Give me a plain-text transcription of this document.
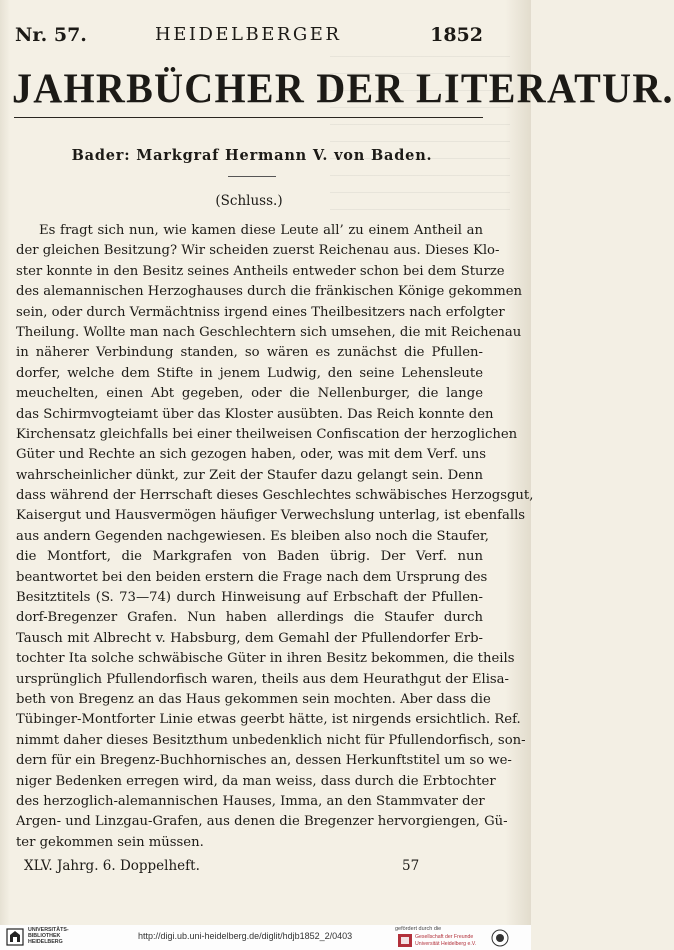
Nr. 57.	HEIDELBERGER	1852
JAHRBÜCHER DER LITERATUR.
Bader: Markgraf Hermann V. von Baden.
(Schluss.)
Es fragt sich nun, wie kamen diese Leute all’ zu einem Antheil an
der gleichen Besitzung? Wir scheiden zuerst Reichenau aus. Dieses Klo-
ster konnte in den Besitz seines Antheils entweder schon bei dem Sturze
des alemannischen Herzoghauses durch die fränkischen Könige gekommen
sein, oder durch Vermächtniss irgend eines Theilbesitzers nach erfolgter
Theilung. Wollte man nach Geschlechtern sich umsehen, die mit Reichenau
in näherer Verbindung standen, so wären es zunächst die Pfullen-
dorfer, welche dem Stifte in jenem Ludwig, den seine Lehensleute
meuchelten, einen Abt gegeben, oder die Nellenburger, die lange
das Schirmvogteiamt über das Kloster ausübten. Das Reich konnte den
Kirchensatz gleichfalls bei einer theilweisen Confiscation der herzoglichen
Güter und Rechte an sich gezogen haben, oder, was mit dem Verf. uns
wahrscheinlicher dünkt, zur Zeit der Staufer dazu gelangt sein. Denn
dass während der Herrschaft dieses Geschlechtes schwäbisches Herzogsgut,
Kaisergut und Hausvermögen häufiger Verwechslung unterlag, ist ebenfalls
aus andern Gegenden nachgewiesen. Es bleiben also noch die Staufer,
die Montfort, die Markgrafen von Baden übrig. Der Verf. nun
beantwortet bei den beiden erstern die Frage nach dem Ursprung des
Besitztitels (S. 73—74) durch Hinweisung auf Erbschaft der Pfullen-
dorf-Bregenzer Grafen. Nun haben allerdings die Staufer durch
Tausch mit Albrecht v. Habsburg, dem Gemahl der Pfullendorfer Erb-
tochter Ita solche schwäbische Güter in ihren Besitz bekommen, die theils
ursprünglich Pfullendorfisch waren, theils aus dem Heurathgut der Elisa-
beth von Bregenz an das Haus gekommen sein mochten. Aber dass die
Tübinger-Montforter Linie etwas geerbt hätte, ist nirgends ersichtlich. Ref.
nimmt daher dieses Besitzthum unbedenklich nicht für Pfullendorfisch, son-
dern für ein Bregenz-Buchhornisches an, dessen Herkunftstitel um so we-
niger Bedenken erregen wird, da man weiss, dass durch die Erbtochter
des herzoglich-alemannischen Hauses, Imma, an den Stammvater der
Argen- und Linzgau-Grafen, aus denen die Bregenzer hervorgiengen, Gü-
ter gekommen sein müssen.
XLV. Jahrg. 6. Doppelheft.	57
UNIVERSITÄTS-
BIBLIOTHEK
HEIDELBERG
http://digi.ub.uni-heidelberg.de/diglit/hdjb1852_2/0403
gefördert durch die
Gesellschaft der Freunde
Universität Heidelberg e.V.
